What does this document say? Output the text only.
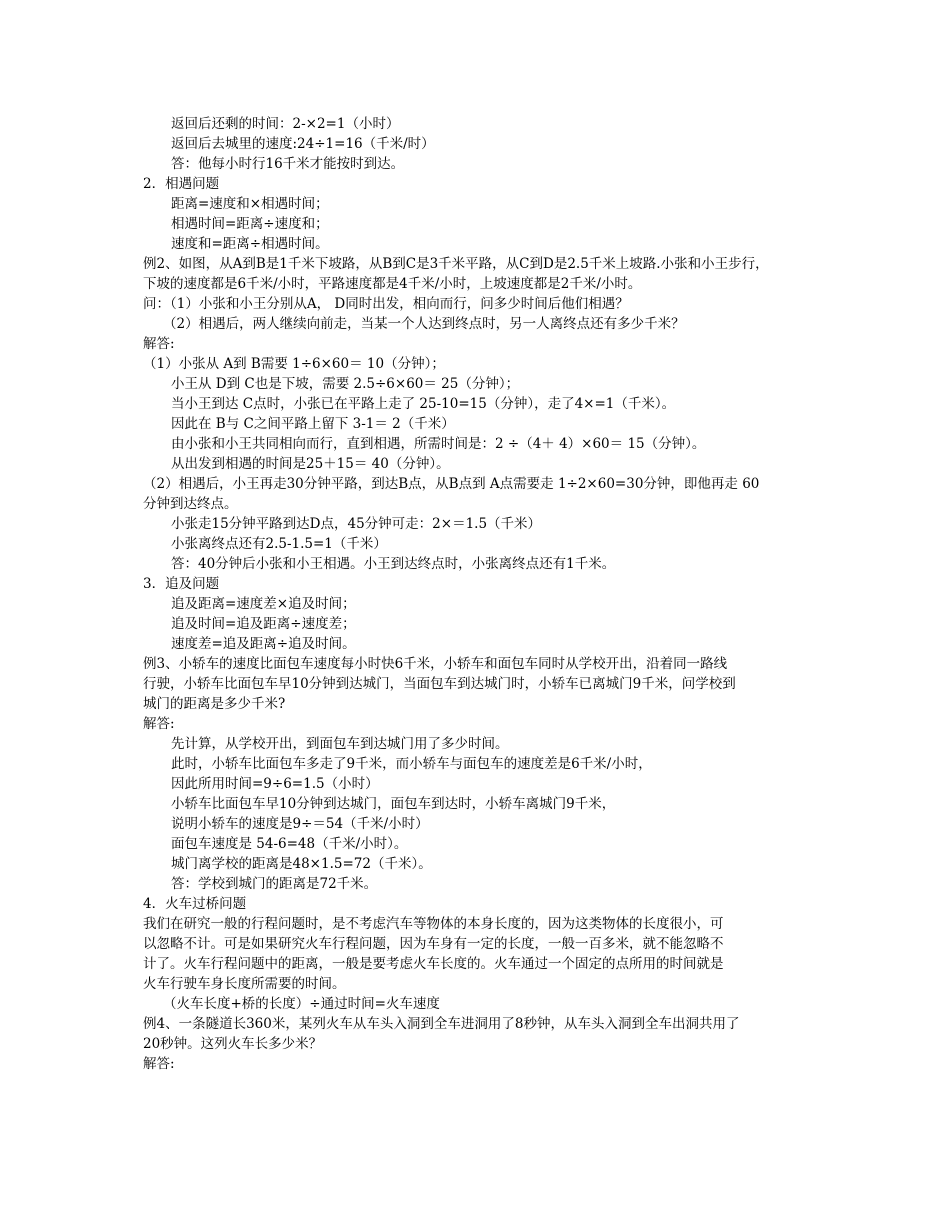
返回后还剩的时间：2-×2=1（小时）
返回后去城里的速度:24÷1=16（千米/时）
答：他每小时行16千米才能按时到达。
2．相遇问题
距离=速度和×相遇时间；
相遇时间=距离÷速度和；
速度和=距离÷相遇时间。
例2、如图，从A到B是1千米下坡路，从B到C是3千米平路，从C到D是2.5千米上坡路.小张和小王步行，
下坡的速度都是6千米/小时，平路速度都是4千米/小时，上坡速度都是2千米/小时。
问：（1）小张和小王分别从A， D同时出发，相向而行，问多少时间后他们相遇？
（2）相遇后，两人继续向前走，当某一个人达到终点时，另一人离终点还有多少千米？
解答:
（1）小张从 A到 B需要 1÷6×60＝ 10（分钟）；
小王从 D到 C也是下坡，需要 2.5÷6×60＝ 25（分钟）；
当小王到达 C点时，小张已在平路上走了 25-10=15（分钟），走了4×=1（千米）。
因此在 B与 C之间平路上留下 3-1＝ 2（千米）
由小张和小王共同相向而行，直到相遇，所需时间是：2 ÷（4＋ 4）×60＝ 15（分钟）。
从出发到相遇的时间是25＋15＝ 40（分钟）。
（2）相遇后，小王再走30分钟平路，到达B点，从B点到 A点需要走 1÷2×60=30分钟，即他再走 60
分钟到达终点。
小张走15分钟平路到达D点，45分钟可走：2×＝1.5（千米）
小张离终点还有2.5-1.5=1（千米）
答：40分钟后小张和小王相遇。小王到达终点时，小张离终点还有1千米。
3．追及问题
追及距离=速度差×追及时间；
追及时间=追及距离÷速度差；
速度差=追及距离÷追及时间。
例3、小轿车的速度比面包车速度每小时快6千米，小轿车和面包车同时从学校开出，沿着同一路线
行驶，小轿车比面包车早10分钟到达城门，当面包车到达城门时，小轿车已离城门9千米，问学校到
城门的距离是多少千米?
解答:
先计算，从学校开出，到面包车到达城门用了多少时间。
此时，小轿车比面包车多走了9千米，而小轿车与面包车的速度差是6千米/小时，
因此所用时间=9÷6=1.5（小时）
小轿车比面包车早10分钟到达城门，面包车到达时，小轿车离城门9千米，
说明小轿车的速度是9÷＝54（千米/小时）
面包车速度是 54-6=48（千米/小时）。
城门离学校的距离是48×1.5=72（千米）。
答：学校到城门的距离是72千米。
4．火车过桥问题
我们在研究一般的行程问题时，是不考虑汽车等物体的本身长度的，因为这类物体的长度很小，可
以忽略不计。可是如果研究火车行程问题，因为车身有一定的长度，一般一百多米，就不能忽略不
计了。火车行程问题中的距离，一般是要考虑火车长度的。火车通过一个固定的点所用的时间就是
火车行驶车身长度所需要的时间。
（火车长度+桥的长度）÷通过时间=火车速度
例4、一条隧道长360米，某列火车从车头入洞到全车进洞用了8秒钟，从车头入洞到全车出洞共用了
20秒钟。这列火车长多少米？
解答:
